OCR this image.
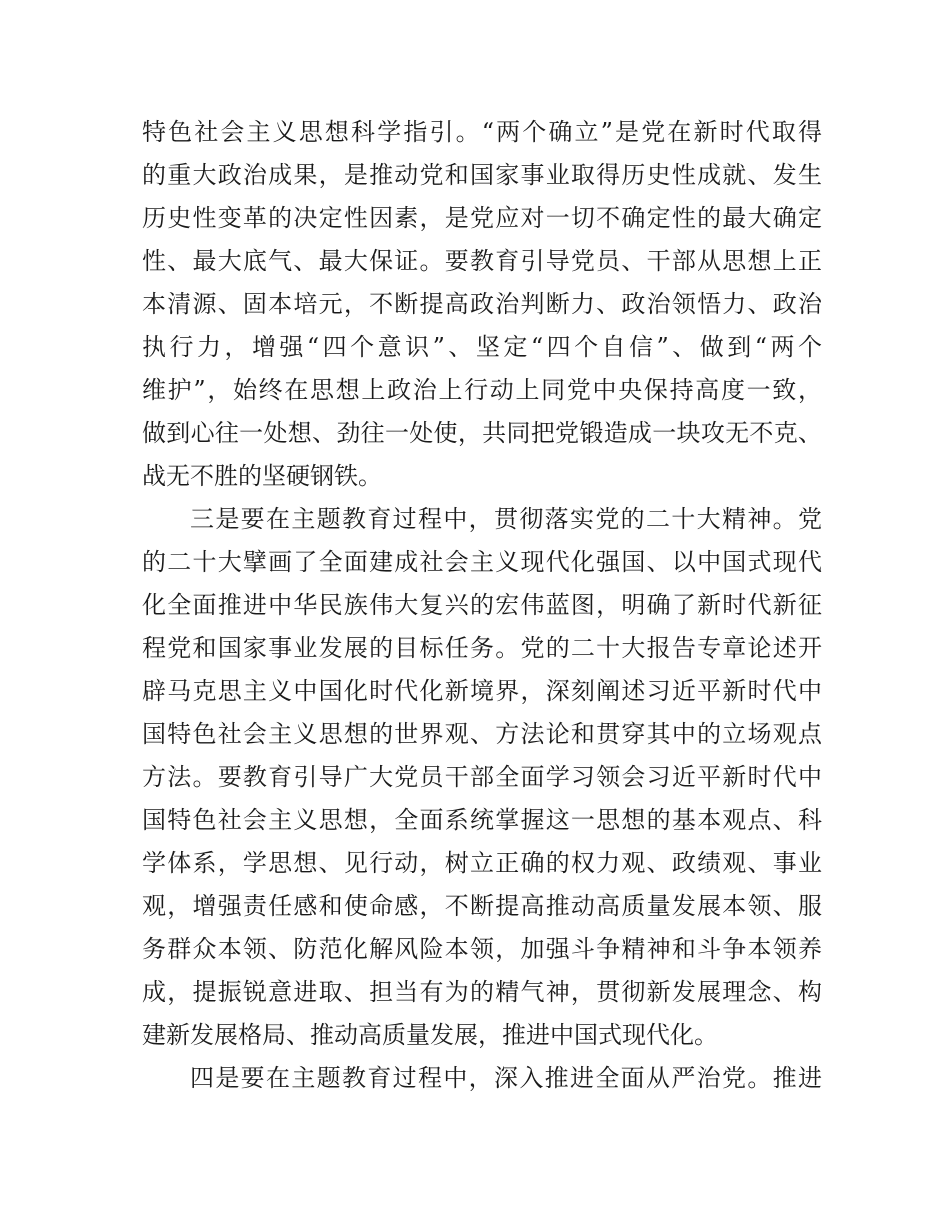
特色社会主义思想科学指引。“两个确立”是党在新时代取得
的重大政治成果，是推动党和国家事业取得历史性成就、发生
历史性变革的决定性因素，是党应对一切不确定性的最大确定
性、最大底气、最大保证。要教育引导党员、干部从思想上正
本清源、固本培元，不断提高政治判断力、政治领悟力、政治
执行力，增强“四个意识”、坚定“四个自信”、做到“两个
维护”，始终在思想上政治上行动上同党中央保持高度一致，
做到心往一处想、劲往一处使，共同把党锻造成一块攻无不克、
战无不胜的坚硬钢铁。
三是要在主题教育过程中，贯彻落实党的二十大精神。党
的二十大擘画了全面建成社会主义现代化强国、以中国式现代
化全面推进中华民族伟大复兴的宏伟蓝图，明确了新时代新征
程党和国家事业发展的目标任务。党的二十大报告专章论述开
辟马克思主义中国化时代化新境界，深刻阐述习近平新时代中
国特色社会主义思想的世界观、方法论和贯穿其中的立场观点
方法。要教育引导广大党员干部全面学习领会习近平新时代中
国特色社会主义思想，全面系统掌握这一思想的基本观点、科
学体系，学思想、见行动，树立正确的权力观、政绩观、事业
观，增强责任感和使命感，不断提高推动高质量发展本领、服
务群众本领、防范化解风险本领，加强斗争精神和斗争本领养
成，提振锐意进取、担当有为的精气神，贯彻新发展理念、构
建新发展格局、推动高质量发展，推进中国式现代化。
四是要在主题教育过程中，深入推进全面从严治党。推进
